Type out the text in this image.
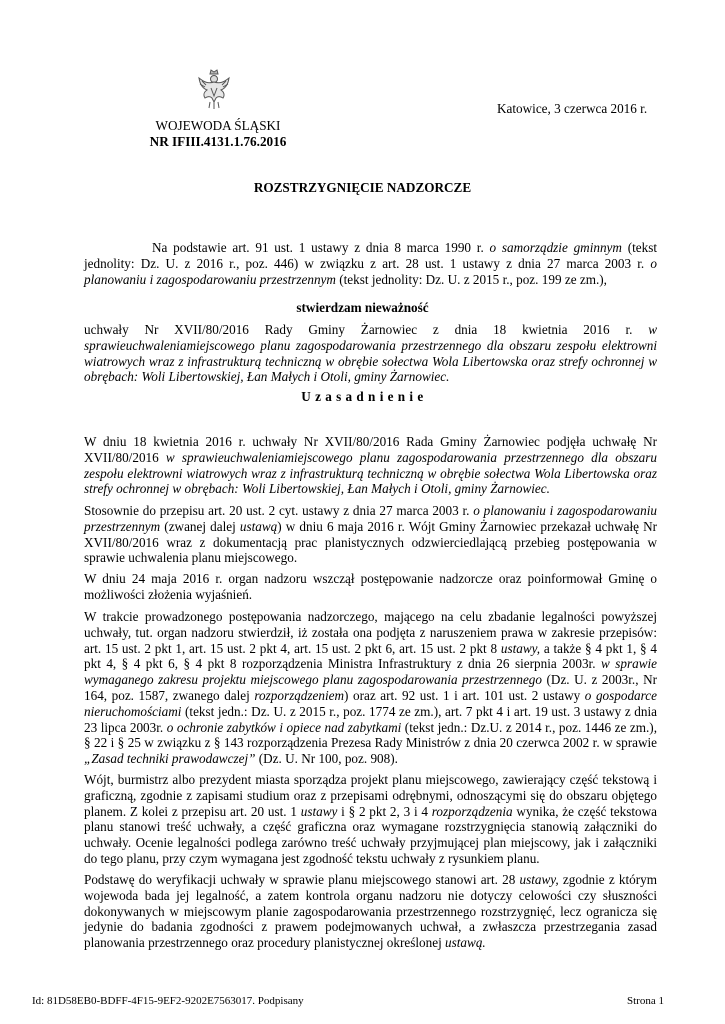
WOJEWODA ŚLĄSKI
NR IFIII.4131.1.76.2016
Katowice, 3 czerwca 2016 r.
ROZSTRZYGNIĘCIE NADZORCZE
Na podstawie art. 91 ust. 1 ustawy z dnia 8 marca 1990 r. o samorządzie gminnym (tekst jednolity: Dz. U. z 2016 r., poz. 446) w związku z art. 28 ust. 1 ustawy z dnia 27 marca 2003 r. o planowaniu i zagospodarowaniu przestrzennym (tekst jednolity: Dz. U. z 2015 r., poz. 199 ze zm.),
stwierdzam nieważność
uchwały Nr XVII/80/2016 Rady Gminy Żarnowiec z dnia 18 kwietnia 2016 r. w sprawieuchwaleniamiejscowego planu zagospodarowania przestrzennego dla obszaru zespołu elektrowni wiatrowych wraz z infrastrukturą techniczną w obrębie sołectwa Wola Libertowska oraz strefy ochronnej w obrębach: Woli Libertowskiej, Łan Małych i Otoli, gminy Żarnowiec.
U z a s a d n i e n i e
W dniu 18 kwietnia 2016 r. uchwały Nr XVII/80/2016 Rada Gminy Żarnowiec podjęła uchwałę Nr XVII/80/2016 w sprawieuchwaleniamiejscowego planu zagospodarowania przestrzennego dla obszaru zespołu elektrowni wiatrowych wraz z infrastrukturą techniczną w obrębie sołectwa Wola Libertowska oraz strefy ochronnej w obrębach: Woli Libertowskiej, Łan Małych i Otoli, gminy Żarnowiec.
Stosownie do przepisu art. 20 ust. 2 cyt. ustawy z dnia 27 marca 2003 r. o planowaniu i zagospodarowaniu przestrzennym (zwanej dalej ustawą) w dniu 6 maja 2016 r. Wójt Gminy Żarnowiec przekazał uchwałę Nr XVII/80/2016 wraz z dokumentacją prac planistycznych odzwierciedlającą przebieg postępowania w sprawie uchwalenia planu miejscowego.
W dniu 24 maja 2016 r. organ nadzoru wszczął postępowanie nadzorcze oraz poinformował Gminę o możliwości złożenia wyjaśnień.
W trakcie prowadzonego postępowania nadzorczego, mającego na celu zbadanie legalności powyższej uchwały, tut. organ nadzoru stwierdził, iż została ona podjęta z naruszeniem prawa w zakresie przepisów: art. 15 ust. 2 pkt 1, art. 15 ust. 2 pkt 4, art. 15 ust. 2 pkt 6, art. 15 ust. 2 pkt 8 ustawy, a także § 4 pkt 1, § 4 pkt 4, § 4 pkt 6, § 4 pkt 8 rozporządzenia Ministra Infrastruktury z dnia 26 sierpnia 2003r. w sprawie wymaganego zakresu projektu miejscowego planu zagospodarowania przestrzennego (Dz. U. z 2003r., Nr 164, poz. 1587, zwanego dalej rozporządzeniem) oraz art. 92 ust. 1 i art. 101 ust. 2 ustawy o gospodarce nieruchomościami (tekst jedn.: Dz. U. z 2015 r., poz. 1774 ze zm.), art. 7 pkt 4 i art. 19 ust. 3 ustawy z dnia 23 lipca 2003r. o ochronie zabytków i opiece nad zabytkami (tekst jedn.: Dz.U. z 2014 r., poz. 1446 ze zm.), § 22 i § 25 w związku z § 143 rozporządzenia Prezesa Rady Ministrów z dnia 20 czerwca 2002 r. w sprawie „Zasad techniki prawodawczej” (Dz. U. Nr 100, poz. 908).
Wójt, burmistrz albo prezydent miasta sporządza projekt planu miejscowego, zawierający część tekstową i graficzną, zgodnie z zapisami studium oraz z przepisami odrębnymi, odnoszącymi się do obszaru objętego planem. Z kolei z przepisu art. 20 ust. 1 ustawy i § 2 pkt 2, 3 i 4 rozporządzenia wynika, że część tekstowa planu stanowi treść uchwały, a część graficzna oraz wymagane rozstrzygnięcia stanowią załączniki do uchwały. Ocenie legalności podlega zarówno treść uchwały przyjmującej plan miejscowy, jak i załączniki do tego planu, przy czym wymagana jest zgodność tekstu uchwały z rysunkiem planu.
Podstawę do weryfikacji uchwały w sprawie planu miejscowego stanowi art. 28 ustawy, zgodnie z którym wojewoda bada jej legalność, a zatem kontrola organu nadzoru nie dotyczy celowości czy słuszności dokonywanych w miejscowym planie zagospodarowania przestrzennego rozstrzygnięć, lecz ogranicza się jedynie do badania zgodności z prawem podejmowanych uchwał, a zwłaszcza przestrzegania zasad planowania przestrzennego oraz procedury planistycznej określonej ustawą.
Id: 81D58EB0-BDFF-4F15-9EF2-9202E7563017. Podpisany	Strona 1
